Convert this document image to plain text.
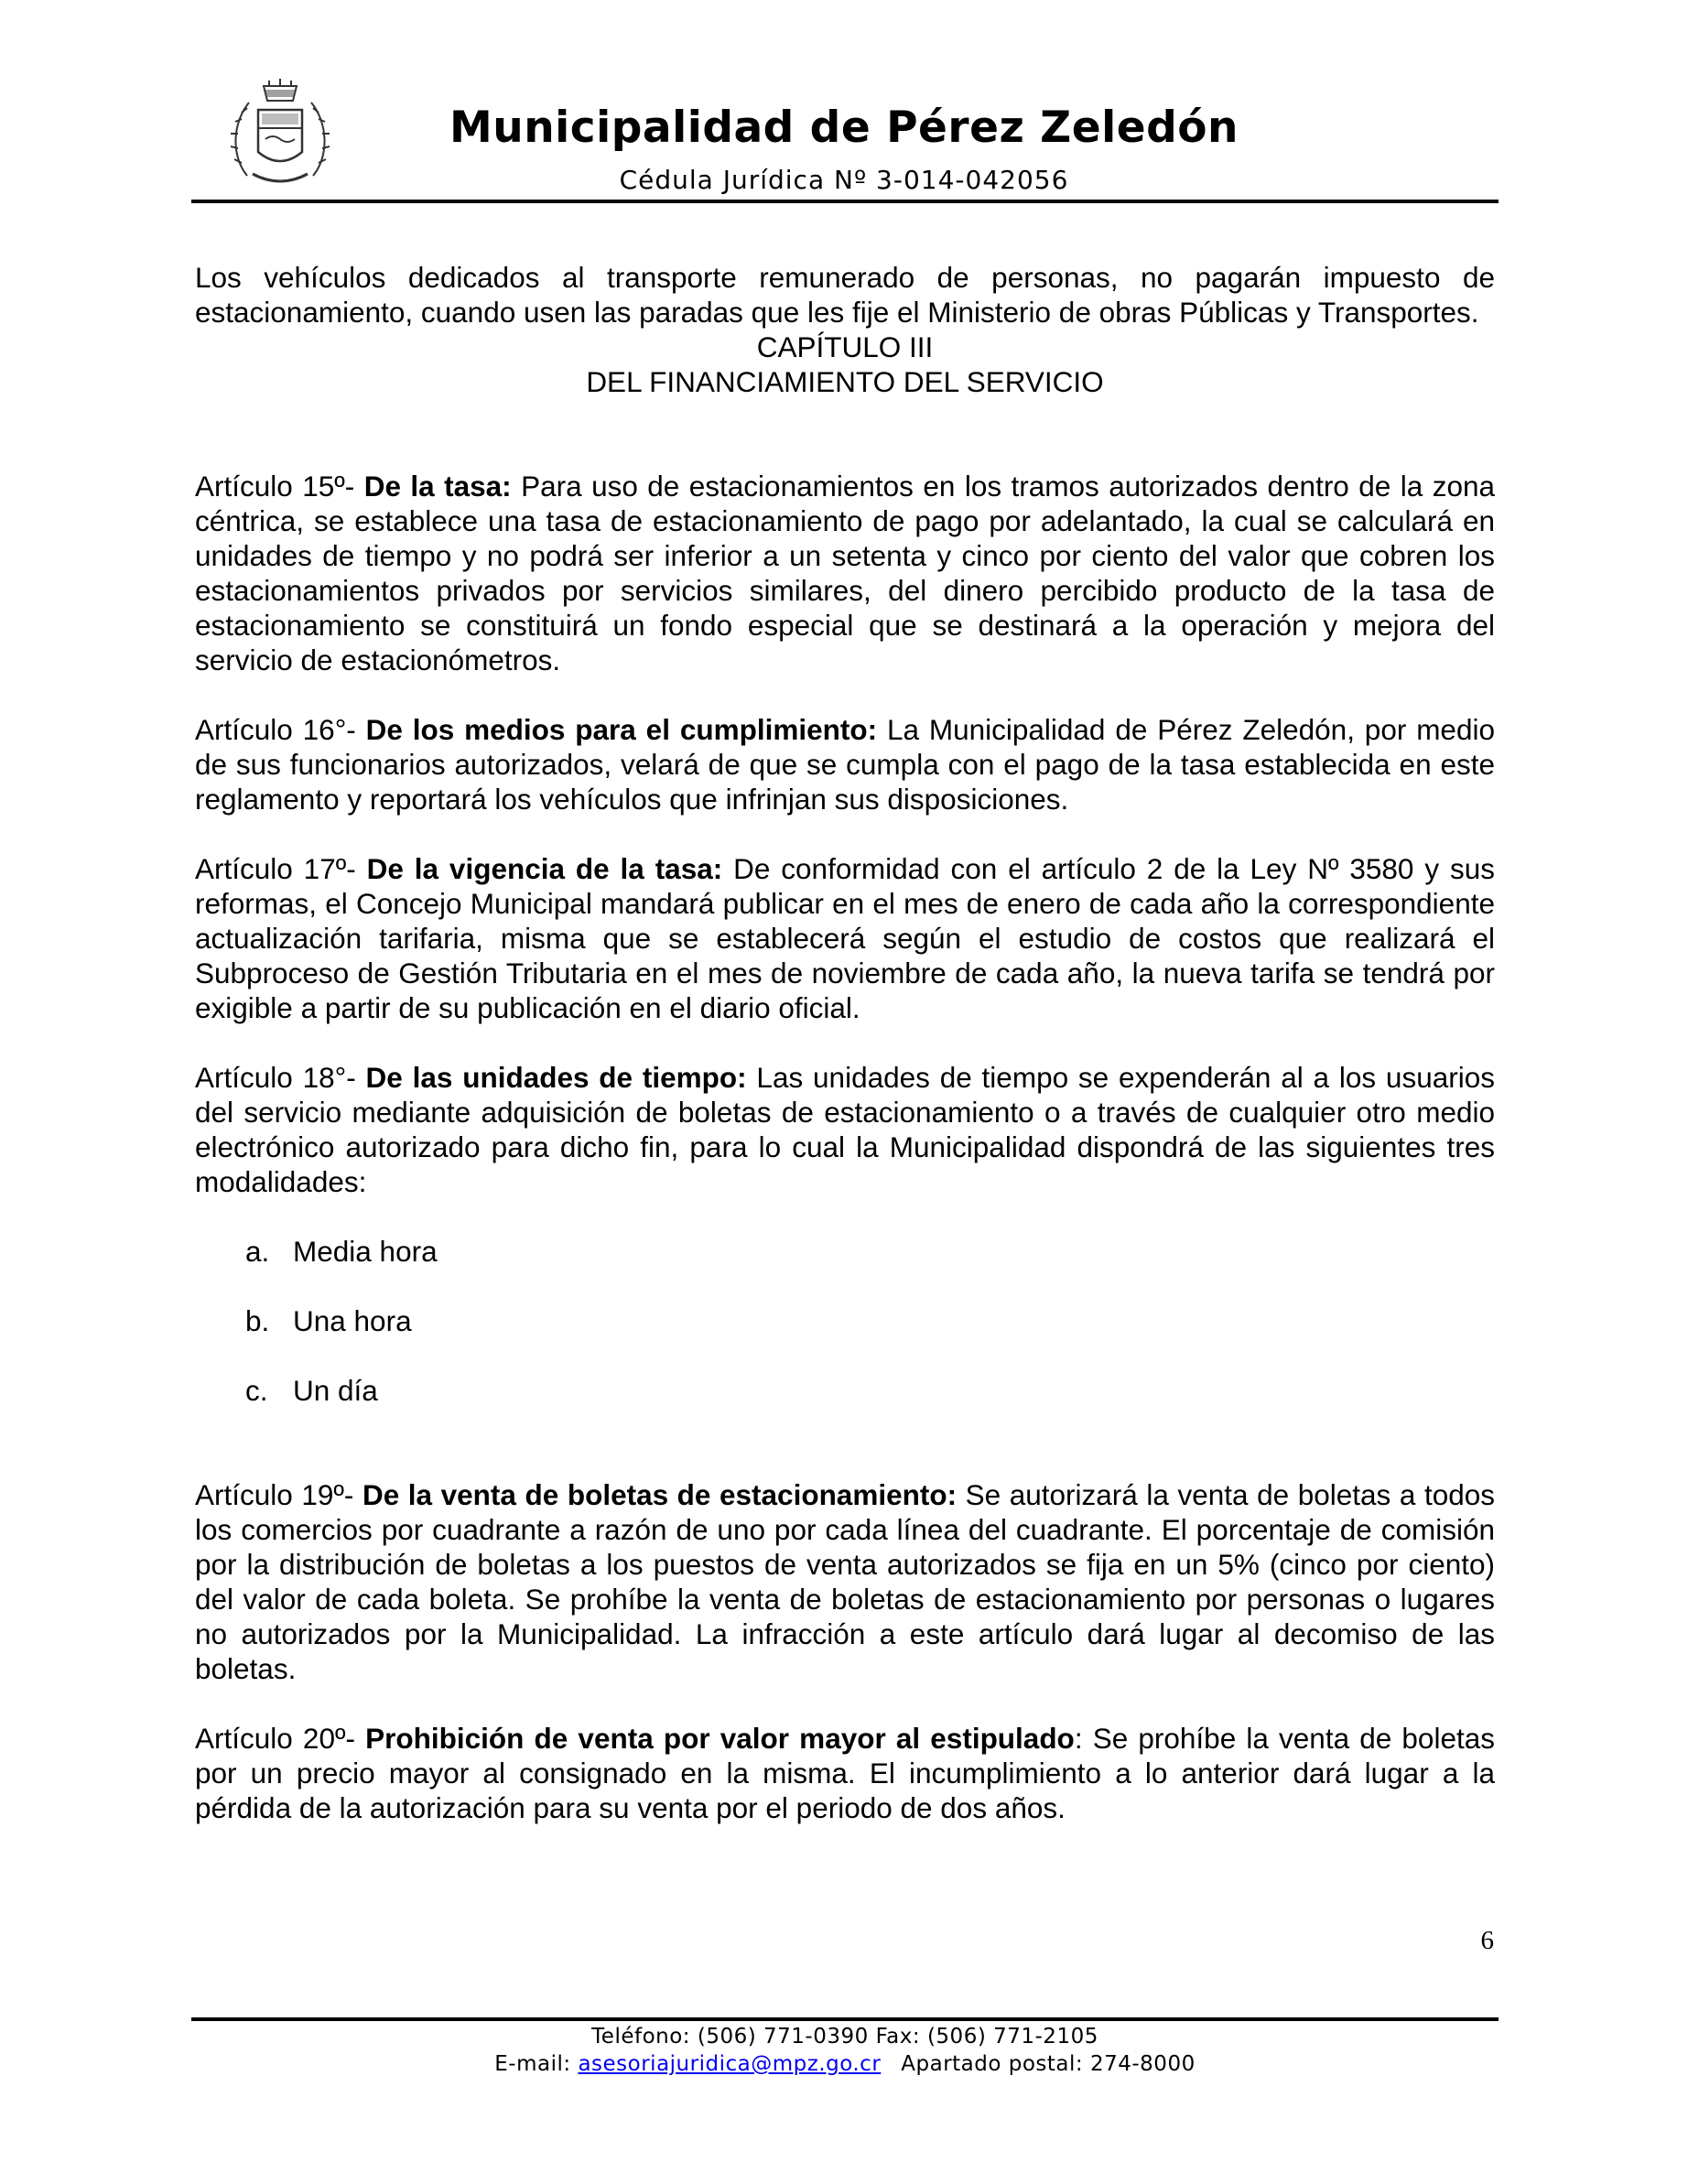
Municipalidad de Pérez Zeledón
Cédula Jurídica Nº 3-014-042056

Los vehículos dedicados al transporte remunerado de personas, no pagarán impuesto de estacionamiento, cuando usen las paradas que les fije el Ministerio de obras Públicas y Transportes.

CAPÍTULO III

DEL FINANCIAMIENTO DEL SERVICIO

Artículo 15º- De la tasa: Para uso de estacionamientos en los tramos autorizados dentro de la zona céntrica, se establece una tasa de estacionamiento de pago por adelantado, la cual se calculará en unidades de tiempo y no podrá ser inferior a un setenta y cinco por ciento del valor que cobren los estacionamientos privados por servicios similares, del dinero percibido producto de la tasa de estacionamiento se constituirá un fondo especial que se destinará a la operación y mejora del servicio de estacionómetros.

Artículo 16°- De los medios para el cumplimiento: La Municipalidad de Pérez Zeledón, por medio de sus funcionarios autorizados, velará de que se cumpla con el pago de la tasa establecida en este reglamento y reportará los vehículos que infrinjan sus disposiciones.

Artículo 17º- De la vigencia de la tasa: De conformidad con el artículo 2 de la Ley Nº 3580 y sus reformas, el Concejo Municipal mandará publicar en el mes de enero de cada año la correspondiente actualización tarifaria, misma que se establecerá según el estudio de costos que realizará el Subproceso de Gestión Tributaria en el mes de noviembre de cada año, la nueva tarifa se tendrá por exigible a partir de su publicación en el diario oficial.

Artículo 18°- De las unidades de tiempo: Las unidades de tiempo se expenderán al a los usuarios del servicio mediante adquisición de boletas de estacionamiento o a través de cualquier otro medio electrónico autorizado para dicho fin, para lo cual la Municipalidad dispondrá de las siguientes tres modalidades:

a. Media hora
b. Una hora
c. Un día

Artículo 19º- De la venta de boletas de estacionamiento: Se autorizará la venta de boletas a todos los comercios por cuadrante a razón de uno por cada línea del cuadrante. El porcentaje de comisión por la distribución de boletas a los puestos de venta autorizados se fija en un 5% (cinco por ciento) del valor de cada boleta. Se prohíbe la venta de boletas de estacionamiento por personas o lugares no autorizados por la Municipalidad. La infracción a este artículo dará lugar al decomiso de las boletas.

Artículo 20º- Prohibición de venta por valor mayor al estipulado: Se prohíbe la venta de boletas por un precio mayor al consignado en la misma. El incumplimiento a lo anterior dará lugar a la pérdida de la autorización para su venta por el periodo de dos años.

6
Teléfono: (506) 771-0390 Fax: (506) 771-2105
E-mail: asesoriajuridica@mpz.go.cr Apartado postal: 274-8000
